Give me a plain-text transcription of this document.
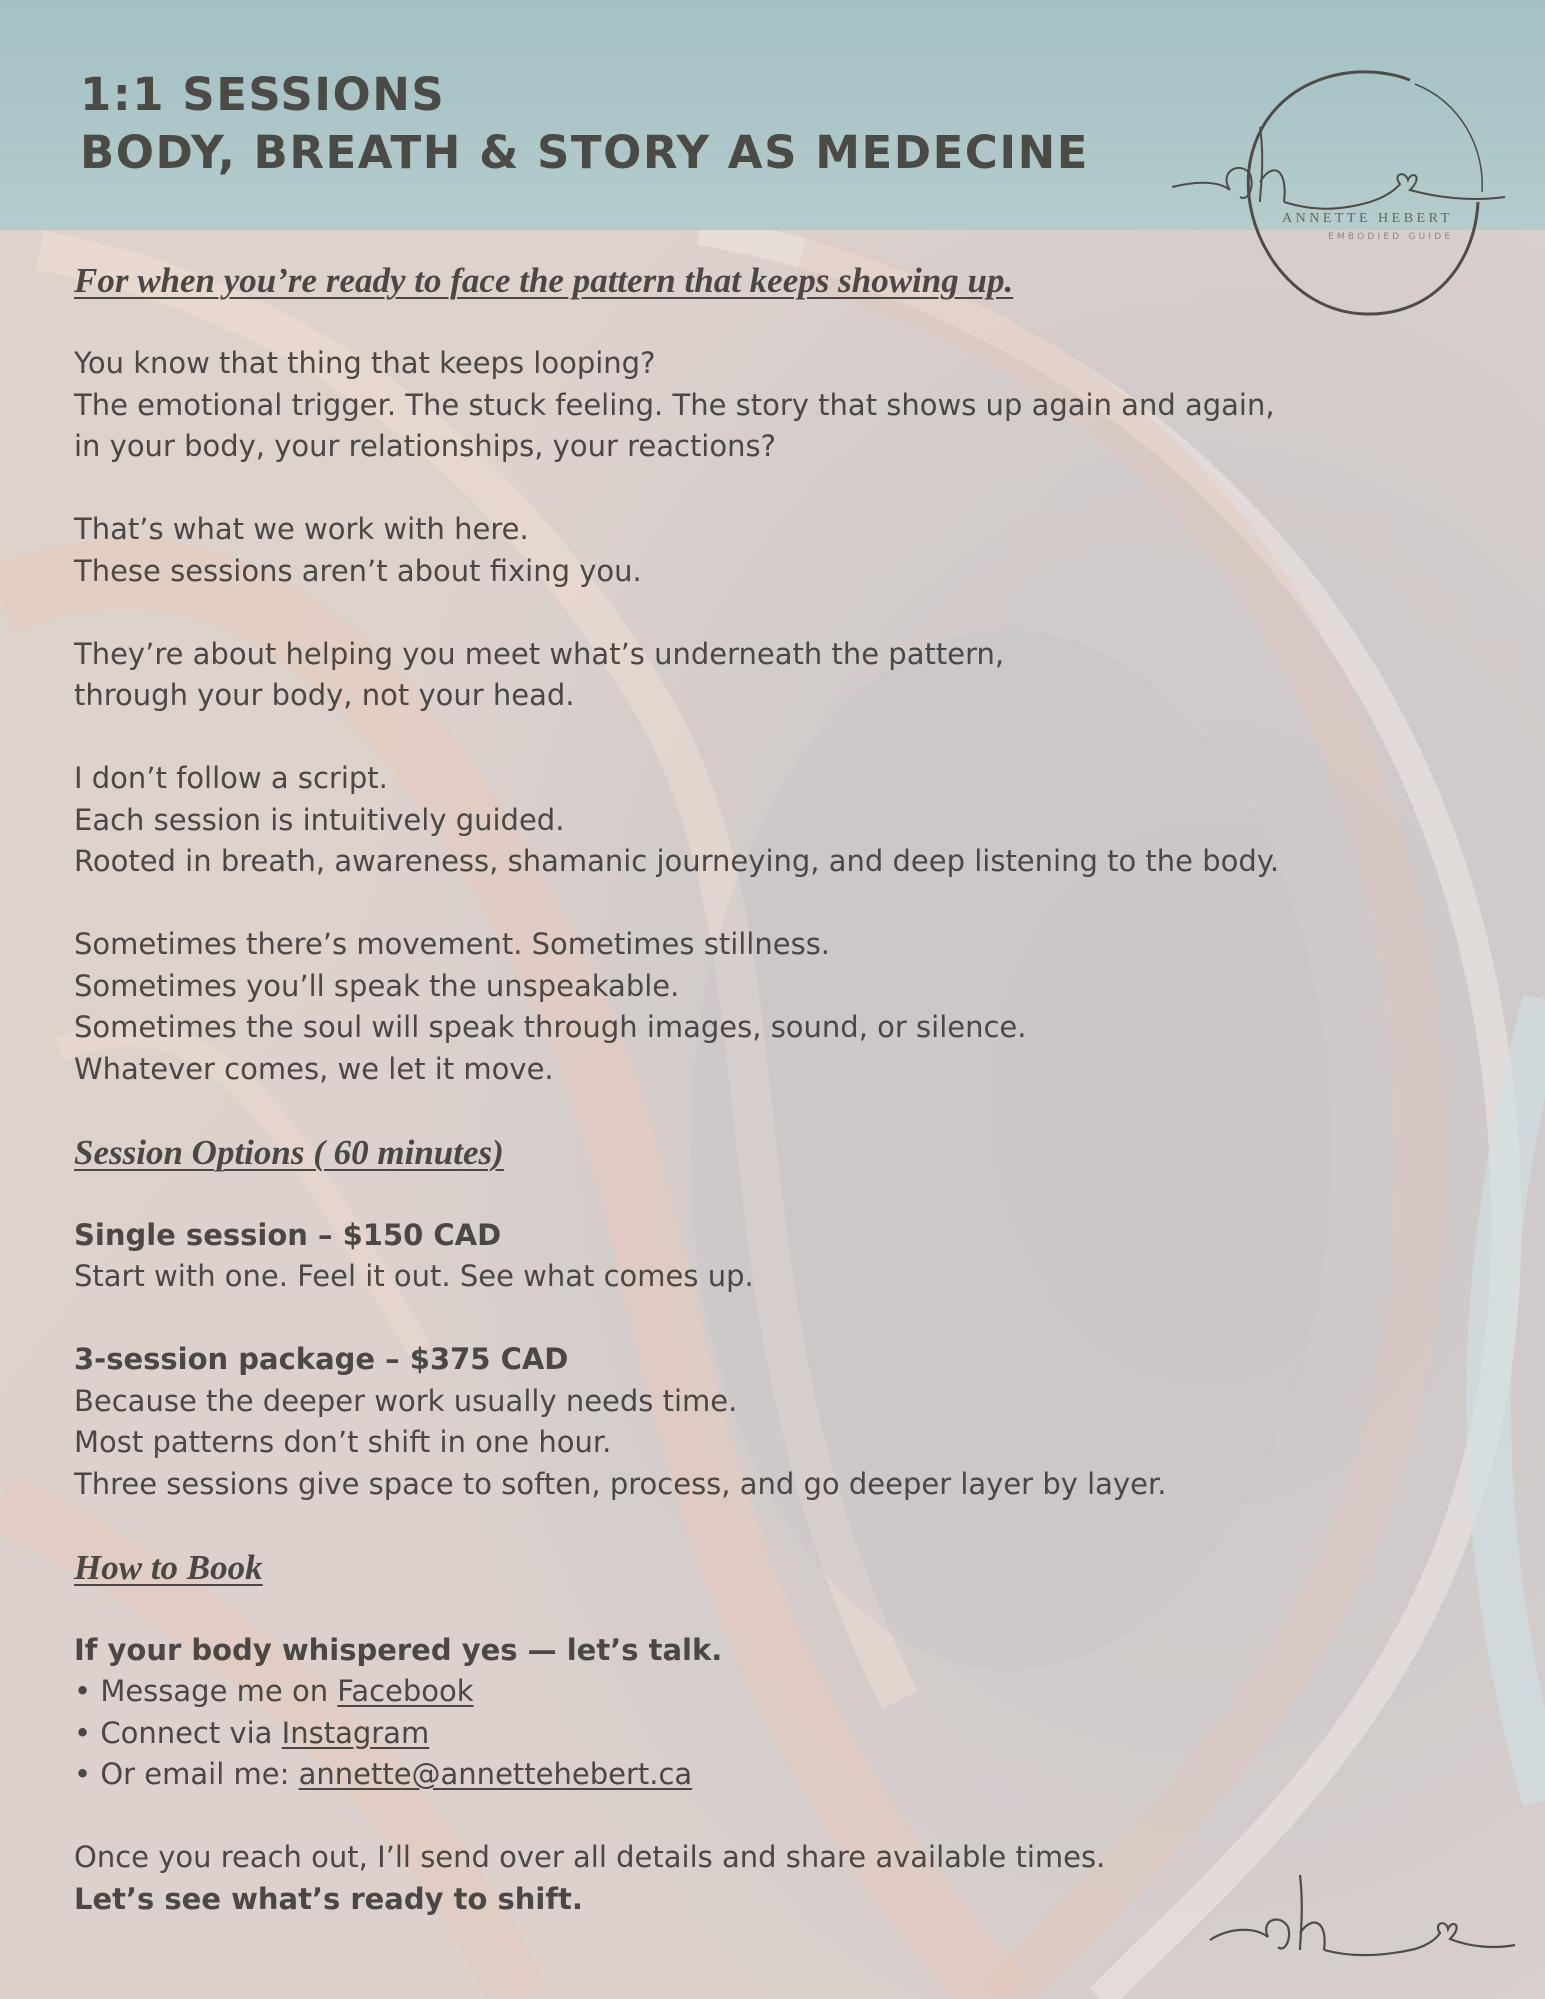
1:1 SESSIONS
BODY, BREATH & STORY AS MEDECINE
ANNETTE HEBERT
EMBODIED GUIDE
For when you’re ready to face the pattern that keeps showing up.

You know that thing that keeps looping?
The emotional trigger. The stuck feeling. The story that shows up again and again,
in your body, your relationships, your reactions?

That’s what we work with here.
These sessions aren’t about fixing you.

They’re about helping you meet what’s underneath the pattern,
through your body, not your head.

I don’t follow a script.
Each session is intuitively guided.
Rooted in breath, awareness, shamanic journeying, and deep listening to the body.

Sometimes there’s movement. Sometimes stillness.
Sometimes you’ll speak the unspeakable.
Sometimes the soul will speak through images, sound, or silence.
Whatever comes, we let it move.

Session Options ( 60 minutes)

Single session – $150 CAD
Start with one. Feel it out. See what comes up.

3-session package – $375 CAD
Because the deeper work usually needs time.
Most patterns don’t shift in one hour.
Three sessions give space to soften, process, and go deeper layer by layer.

How to Book

If your body whispered yes — let’s talk.
• Message me on Facebook
• Connect via Instagram
• Or email me: annette@annettehebert.ca

Once you reach out, I’ll send over all details and share available times.
Let’s see what’s ready to shift.
